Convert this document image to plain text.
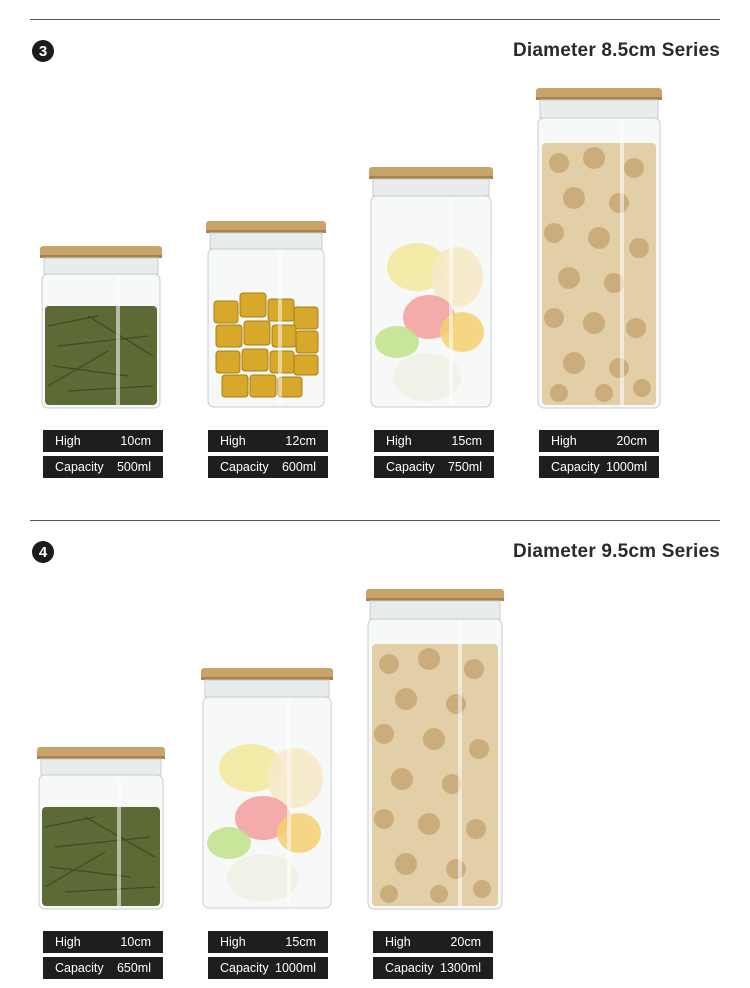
3	Diameter 8.5cm Series
High	10cm
Capacity 500ml
High	12cm
Capacity 600ml
High	15cm
Capacity 750ml
High	20cm
Capacity 1000ml
4	Diameter 9.5cm Series
High	10cm
Capacity 650ml
High	15cm
Capacity 1000ml
High	20cm
Capacity 1300ml
